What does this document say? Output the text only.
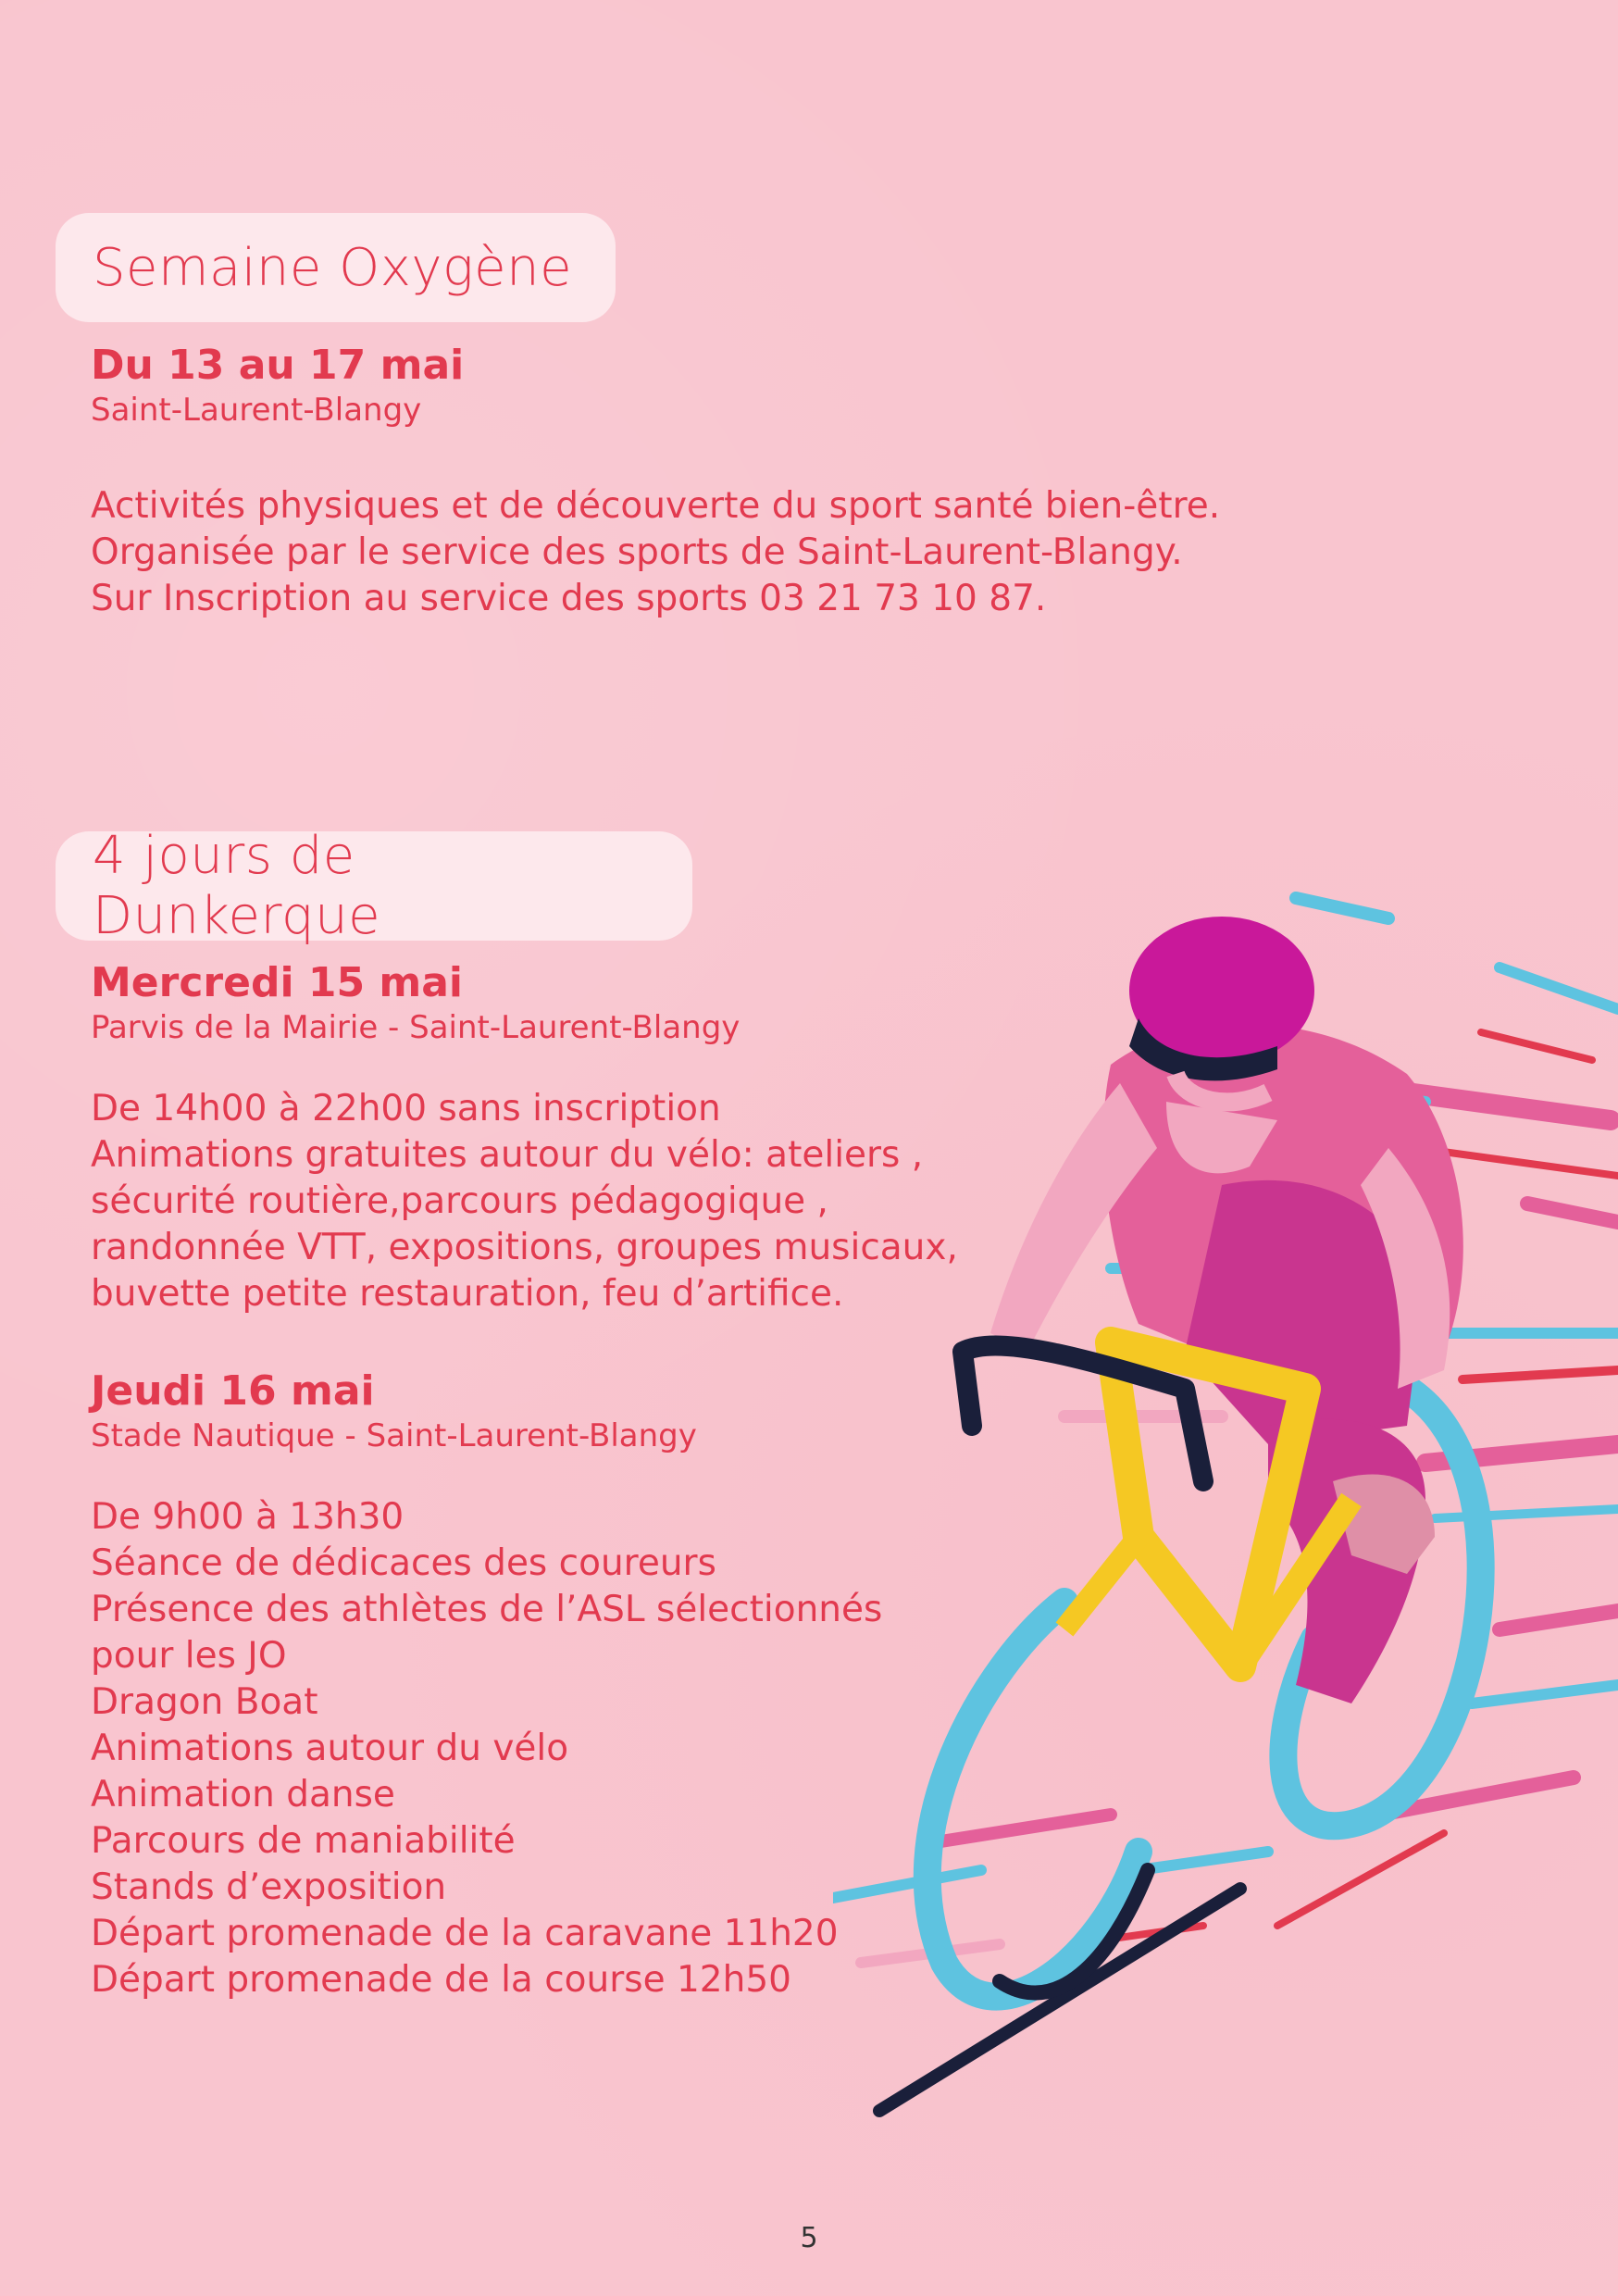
Semaine Oxygène

Du 13 au 17 mai

Saint-Laurent-Blangy

Activités physiques et de découverte du sport santé bien-être.
Organisée par le service des sports de Saint-Laurent-Blangy.
Sur Inscription au service des sports 03 21 73 10 87.

4 jours de Dunkerque

Mercredi 15 mai

Parvis de la Mairie - Saint-Laurent-Blangy

De 14h00 à 22h00 sans inscription
Animations gratuites autour du vélo: ateliers ,
sécurité routière,parcours pédagogique ,
randonnée VTT, expositions, groupes musicaux,
buvette petite restauration, feu d’artifice.

Jeudi 16 mai

Stade Nautique - Saint-Laurent-Blangy

De 9h00 à 13h30
Séance de dédicaces des coureurs
Présence des athlètes de l’ASL sélectionnés
pour les JO
Dragon Boat
Animations autour du vélo
Animation danse
Parcours de maniabilité
Stands d’exposition
Départ promenade de la caravane 11h20
Départ promenade de la course 12h50

5
